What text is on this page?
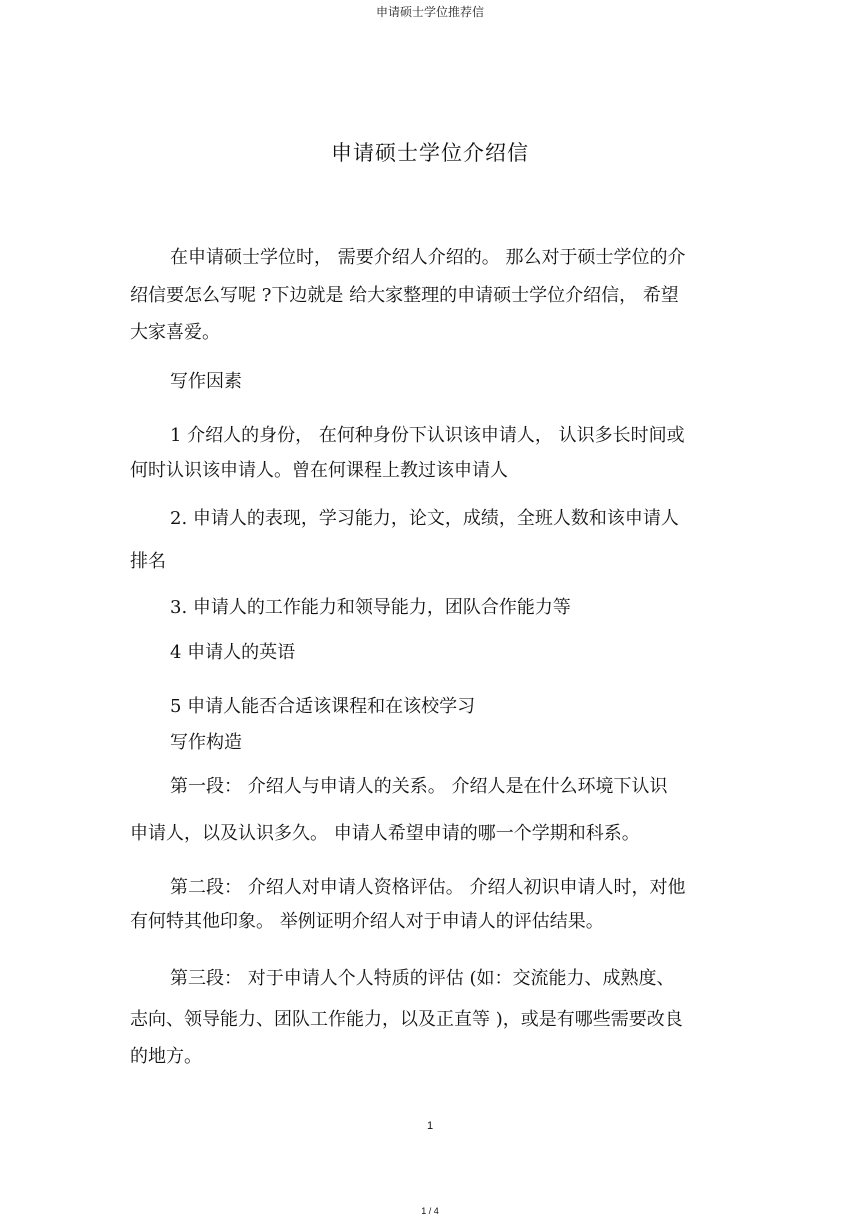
申请硕士学位推荐信
申请硕士学位介绍信
在申请硕士学位时， 需要介绍人介绍的。 那么对于硕士学位的介
绍信要怎么写呢 ?下边就是 给大家整理的申请硕士学位介绍信， 希望
大家喜爱。
写作因素
1 介绍人的身份， 在何种身份下认识该申请人， 认识多长时间或
何时认识该申请人。曾在何课程上教过该申请人
2. 申请人的表现，学习能力，论文，成绩，全班人数和该申请人
排名
3. 申请人的工作能力和领导能力，团队合作能力等
4 申请人的英语
5 申请人能否合适该课程和在该校学习
写作构造
第一段： 介绍人与申请人的关系。 介绍人是在什么环境下认识
申请人，以及认识多久。 申请人希望申请的哪一个学期和科系。
第二段： 介绍人对申请人资格评估。 介绍人初识申请人时，对他
有何特其他印象。 举例证明介绍人对于申请人的评估结果。
第三段： 对于申请人个人特质的评估 (如：交流能力、成熟度、
志向、领导能力、团队工作能力，以及正直等 )，或是有哪些需要改良
的地方。
1
1 / 4
